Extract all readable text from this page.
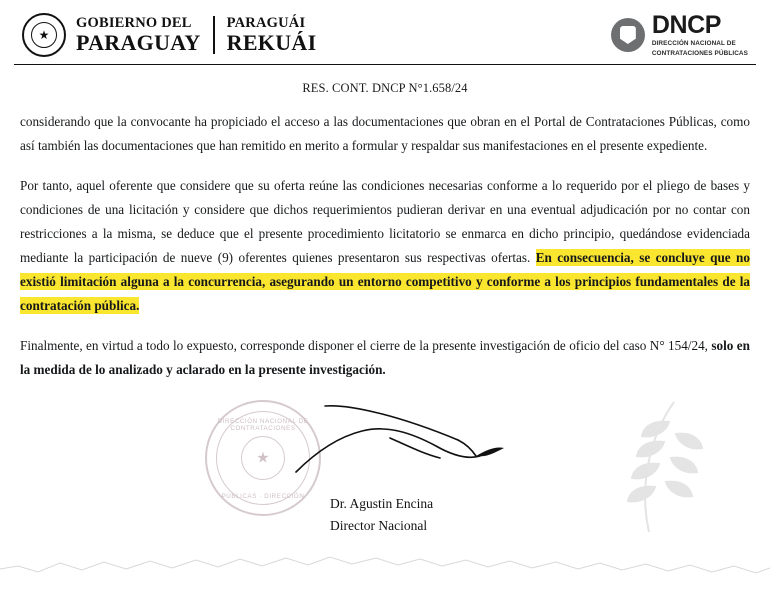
★
GOBIERNO DEL
PARAGUAY
PARAGUÁI
REKUÁI
DNCP
DIRECCIÓN NACIONAL DE
CONTRATACIONES PÚBLICAS
RES. CONT. DNCP N°1.658/24

considerando que la convocante ha propiciado el acceso a las documentaciones que obran en el Portal de Contrataciones Públicas, como así también las documentaciones que han remitido en merito a formular y respaldar sus manifestaciones en el presente expediente.

Por tanto, aquel oferente que considere que su oferta reúne las condiciones necesarias conforme a lo requerido por el pliego de bases y condiciones de una licitación y considere que dichos requerimientos pudieran derivar en una eventual adjudicación por no contar con restricciones a la misma, se deduce que el presente procedimiento licitatorio se enmarca en dicho principio, quedándose evidenciada mediante la participación de nueve (9) oferentes quienes presentaron sus respectivas ofertas. En consecuencia, se concluye que no existió limitación alguna a la concurrencia, asegurando un entorno competitivo y conforme a los principios fundamentales de la contratación pública.

Finalmente, en virtud a todo lo expuesto, corresponde disponer el cierre de la presente investigación de oficio del caso N° 154/24, solo en la medida de lo analizado y aclarado en la presente investigación.

DIRECCIÓN NACIONAL DE CONTRATACIONES
★
PÚBLICAS · DIRECCIÓN	Dr. Agustin Encina
Director Nacional
